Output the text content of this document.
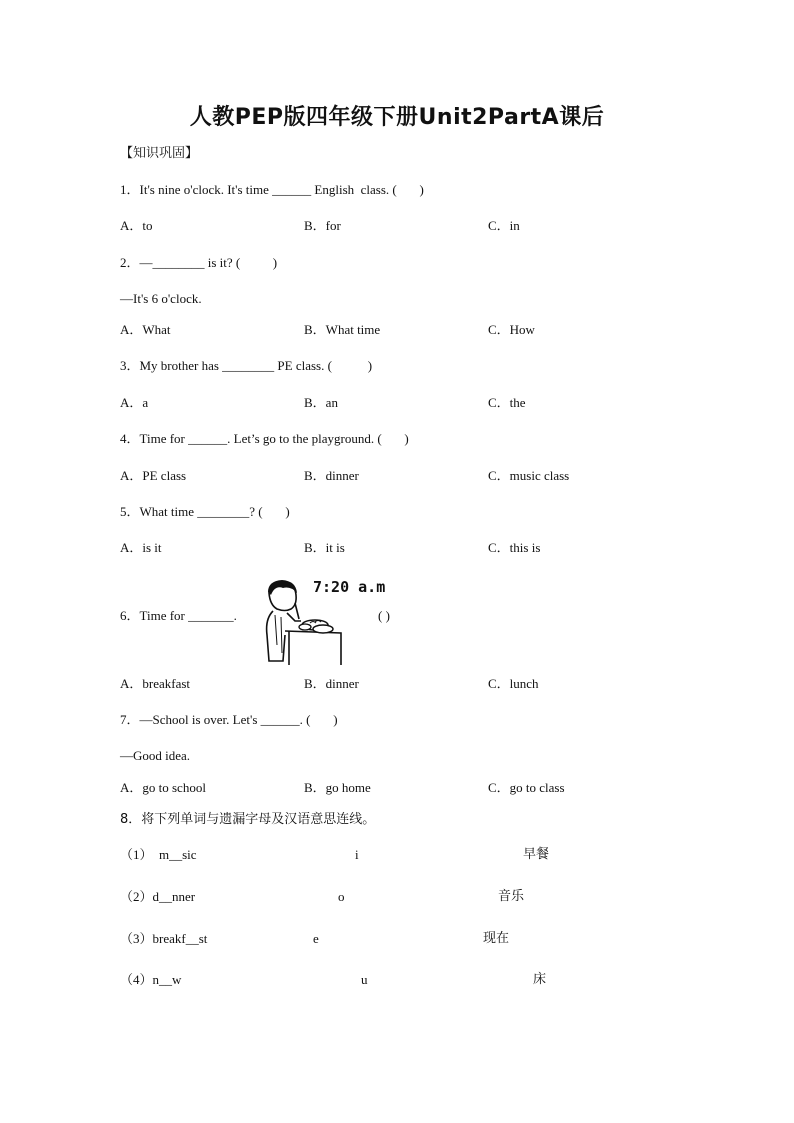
人教PEP版四年级下册Unit2PartA课后
【知识巩固】
1．It's nine o'clock. It's time ______ English  class. (       )
A．to	B．for	C．in
2．—________ is it? (          )
—It's 6 o'clock.
A．What	B．What time	C．How
3．My brother has ________ PE class. (           )
A．a	B．an	C．the
4．Time for ______. Let’s go to the playground. (       )
A．PE class	B．dinner	C．music class
5．What time ________? (       )
A．is it	B．it is	C．this is
6．Time for _______.
7:20 a.m
( )
A．breakfast	B．dinner	C．lunch
7．—School is over. Let's ______. (       )
—Good idea.
A．go to school	B．go home	C．go to class
8．将下列单词与遗漏字母及汉语意思连线。
（1）  m__sic	i	早餐
（2）d__nner	o	音乐
（3）breakf__st	e	现在
（4）n__w	u	床
